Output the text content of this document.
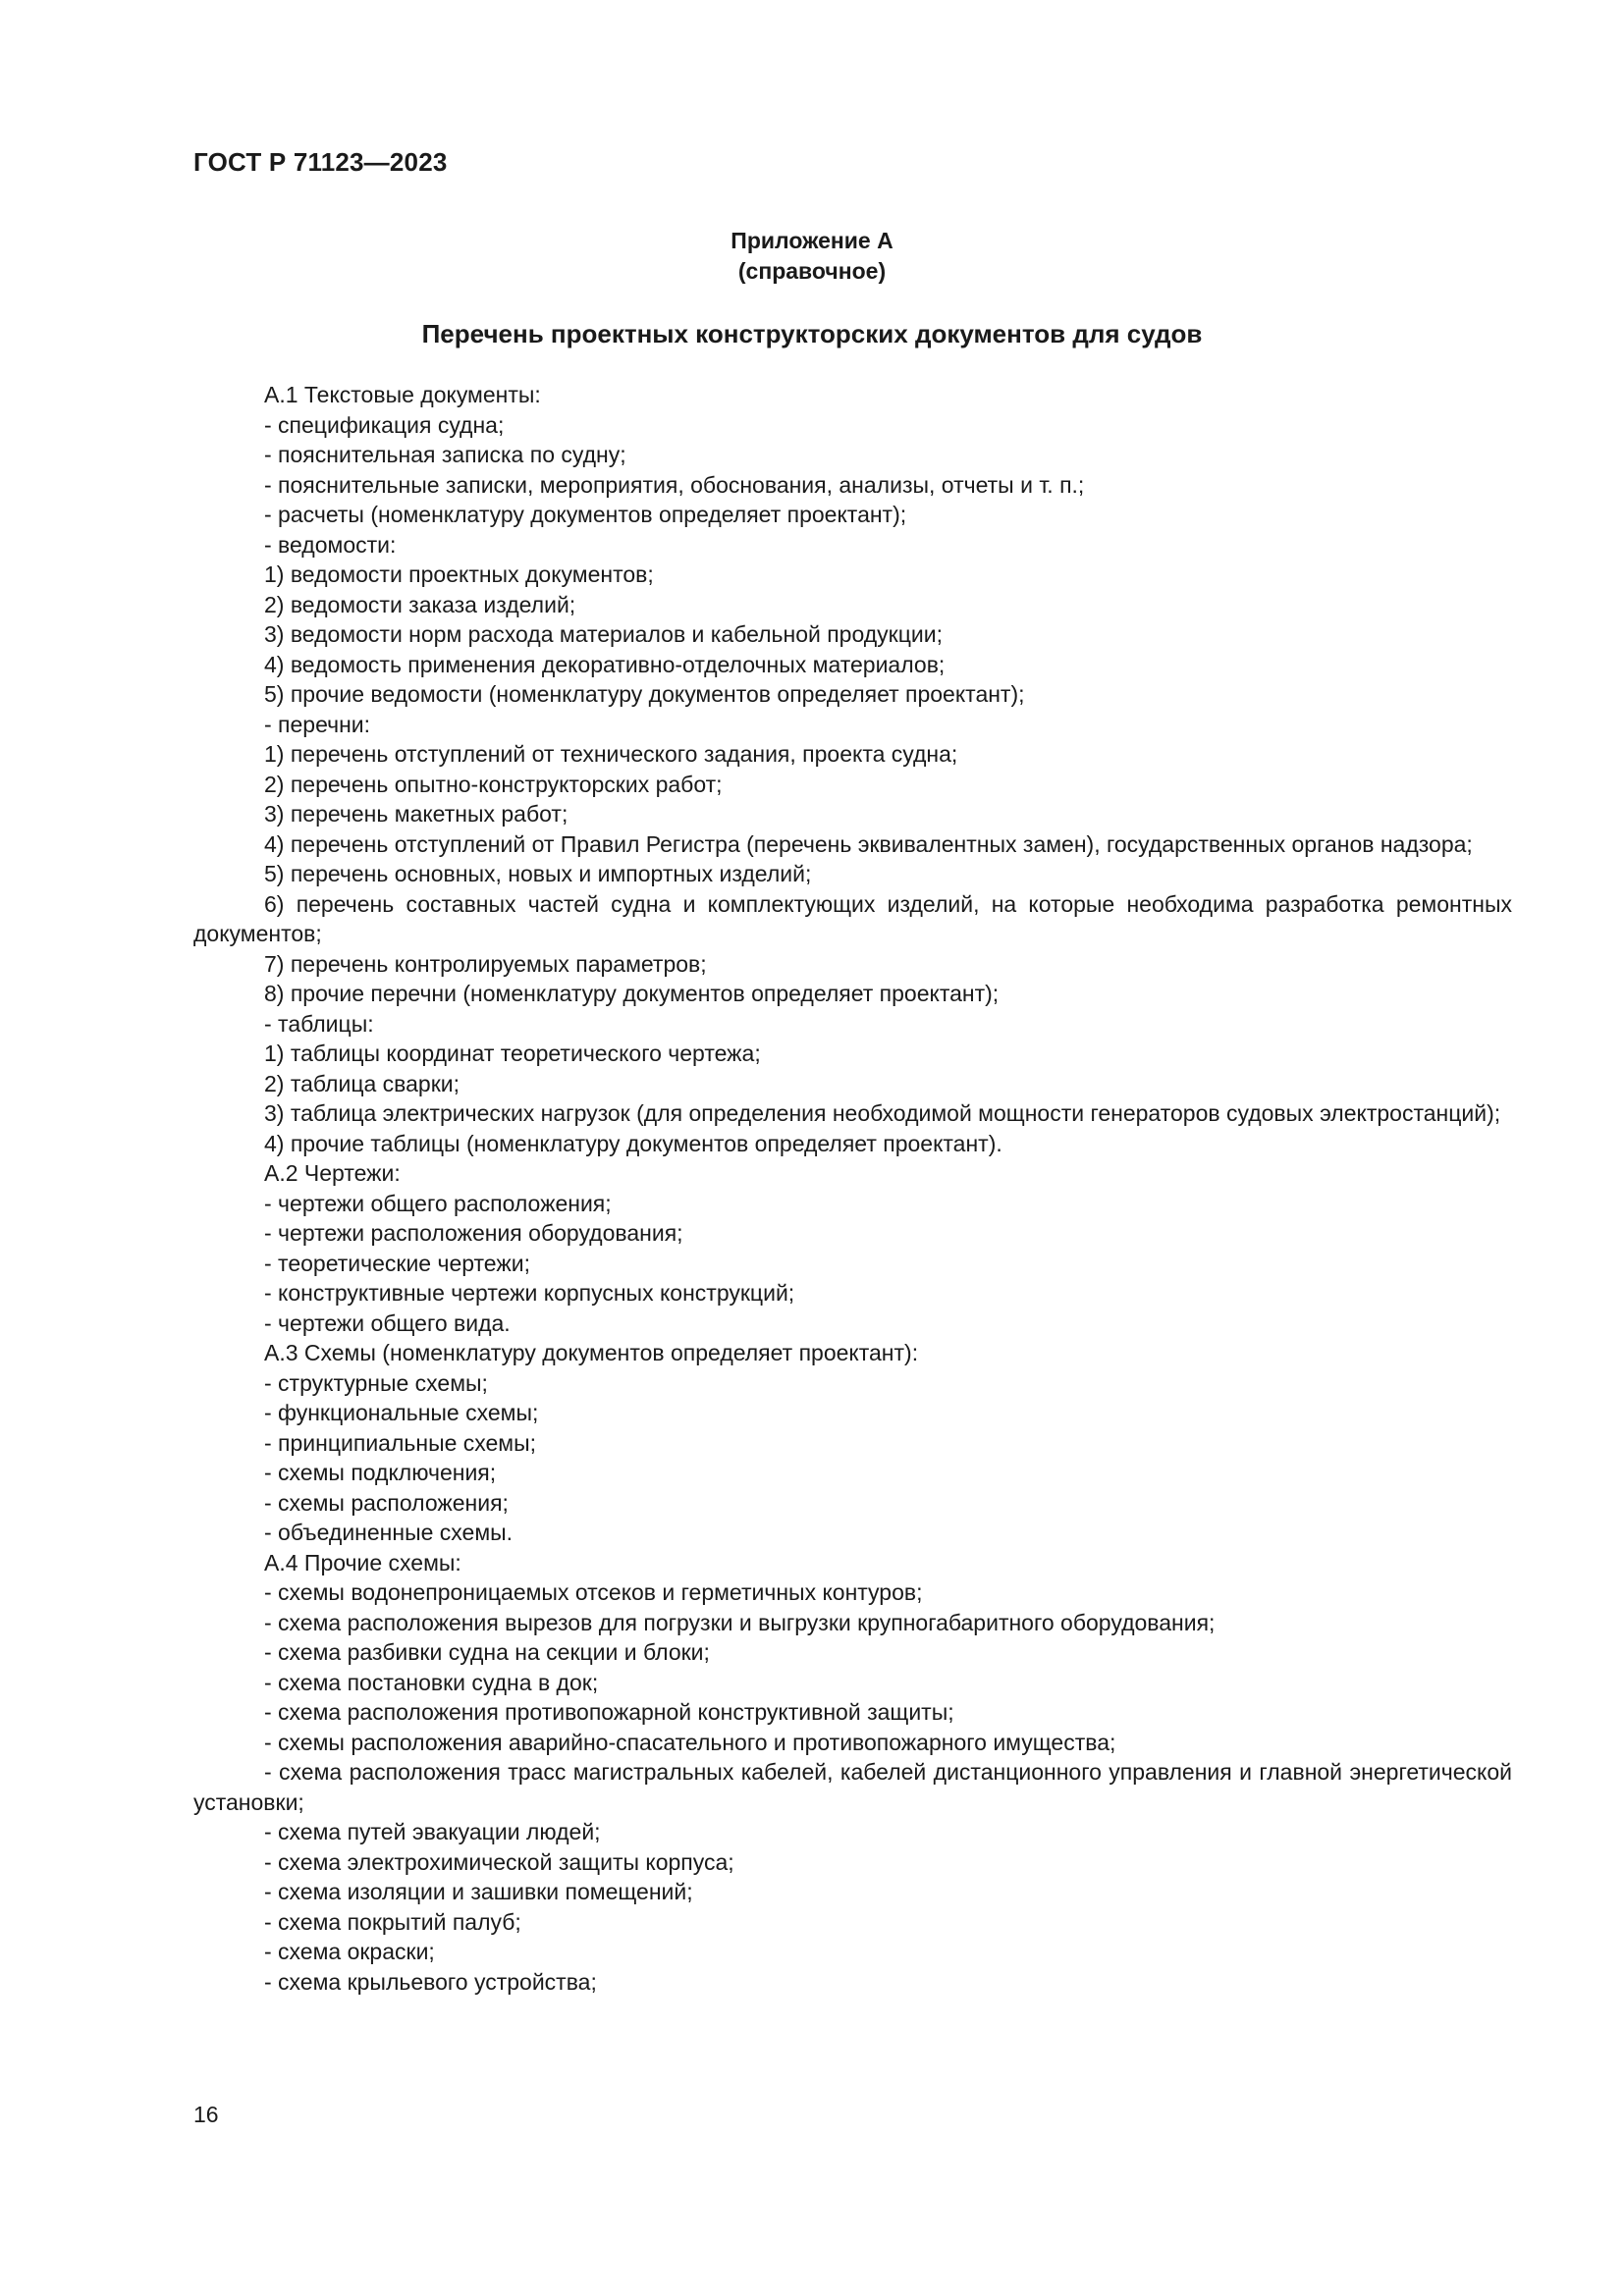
ГОСТ Р 71123—2023
Приложение А
(справочное)
Перечень проектных конструкторских документов для судов

А.1 Текстовые документы:

- спецификация судна;

- пояснительная записка по судну;

- пояснительные записки, мероприятия, обоснования, анализы, отчеты и т. п.;

- расчеты (номенклатуру документов определяет проектант);

- ведомости:

1) ведомости проектных документов;

2) ведомости заказа изделий;

3) ведомости норм расхода материалов и кабельной продукции;

4) ведомость применения декоративно-отделочных материалов;

5) прочие ведомости (номенклатуру документов определяет проектант);

- перечни:

1) перечень отступлений от технического задания, проекта судна;

2) перечень опытно-конструкторских работ;

3) перечень макетных работ;

4) перечень отступлений от Правил Регистра (перечень эквивалентных замен), государственных органов надзора;

5) перечень основных, новых и импортных изделий;

6) перечень составных частей судна и комплектующих изделий, на которые необходима разработка ремонтных документов;

7) перечень контролируемых параметров;

8) прочие перечни (номенклатуру документов определяет проектант);

- таблицы:

1) таблицы координат теоретического чертежа;

2) таблица сварки;

3) таблица электрических нагрузок (для определения необходимой мощности генераторов судовых электростанций);

4) прочие таблицы (номенклатуру документов определяет проектант).

А.2 Чертежи:

- чертежи общего расположения;

- чертежи расположения оборудования;

- теоретические чертежи;

- конструктивные чертежи корпусных конструкций;

- чертежи общего вида.

А.3 Схемы (номенклатуру документов определяет проектант):

- структурные схемы;

- функциональные схемы;

- принципиальные схемы;

- схемы подключения;

- схемы расположения;

- объединенные схемы.

А.4 Прочие схемы:

- схемы водонепроницаемых отсеков и герметичных контуров;

- схема расположения вырезов для погрузки и выгрузки крупногабаритного оборудования;

- схема разбивки судна на секции и блоки;

- схема постановки судна в док;

- схема расположения противопожарной конструктивной защиты;

- схемы расположения аварийно-спасательного и противопожарного имущества;

- схема расположения трасс магистральных кабелей, кабелей дистанционного управления и главной энергетической установки;

- схема путей эвакуации людей;

- схема электрохимической защиты корпуса;

- схема изоляции и зашивки помещений;

- схема покрытий палуб;

- схема окраски;

- схема крыльевого устройства;

16
